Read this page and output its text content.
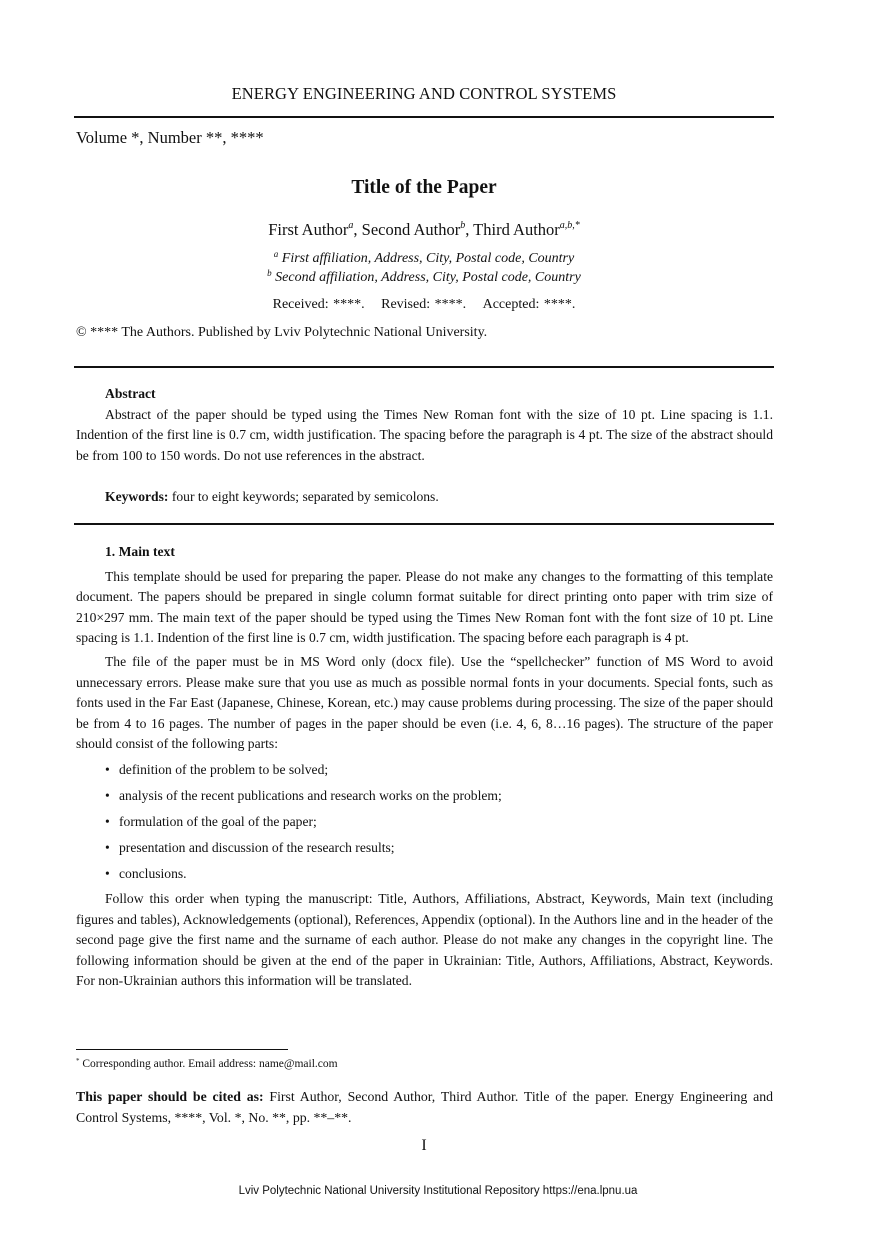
ENERGY ENGINEERING AND CONTROL SYSTEMS
Volume *, Number **, ****
Title of the Paper
First Author$^a$, Second Author$^b$, Third Author$^{a,b,*}$
$^a$ First affiliation, Address, City, Postal code, Country
$^b$ Second affiliation, Address, City, Postal code, Country
Received: ****. Revised: ****. Accepted: ****.
© **** The Authors. Published by Lviv Polytechnic National University.
Abstract

Abstract of the paper should be typed using the Times New Roman font with the size of 10 pt. Line spacing is 1.1. Indention of the first line is 0.7 cm, width justification. The spacing before the paragraph is 4 pt. The size of the abstract should be from 100 to 150 words. Do not use references in the abstract.

Keywords: four to eight keywords; separated by semicolons.
1. Main text

This template should be used for preparing the paper. Please do not make any changes to the formatting of this template document. The papers should be prepared in single column format suitable for direct printing onto paper with trim size of 210×297 mm. The main text of the paper should be typed using the Times New Roman font with the font size of 10 pt. Line spacing is 1.1. Indention of the first line is 0.7 cm, width justification. The spacing before each paragraph is 4 pt.

The file of the paper must be in MS Word only (docx file). Use the “spellchecker” function of MS Word to avoid unnecessary errors. Please make sure that you use as much as possible normal fonts in your documents. Special fonts, such as fonts used in the Far East (Japanese, Chinese, Korean, etc.) may cause problems during processing. The size of the paper should be from 4 to 16 pages. The number of pages in the paper should be even (i.e. 4, 6, 8…16 pages). The structure of the paper should consist of the following parts:

• definition of the problem to be solved;
• analysis of the recent publications and research works on the problem;
• formulation of the goal of the paper;
• presentation and discussion of the research results;
• conclusions.

Follow this order when typing the manuscript: Title, Authors, Affiliations, Abstract, Keywords, Main text (including figures and tables), Acknowledgements (optional), References, Appendix (optional). In the Authors line and in the header of the second page give the first name and the surname of each author. Please do not make any changes in the copyright line. The following information should be given at the end of the paper in Ukrainian: Title, Authors, Affiliations, Abstract, Keywords. For non-Ukrainian authors this information will be translated.

* Corresponding author. Email address: name@mail.com
This paper should be cited as: First Author, Second Author, Third Author. Title of the paper. Energy Engineering and Control Systems, ****, Vol. *, No. **, pp. **–**.
I
Lviv Polytechnic National University Institutional Repository https://ena.lpnu.ua
